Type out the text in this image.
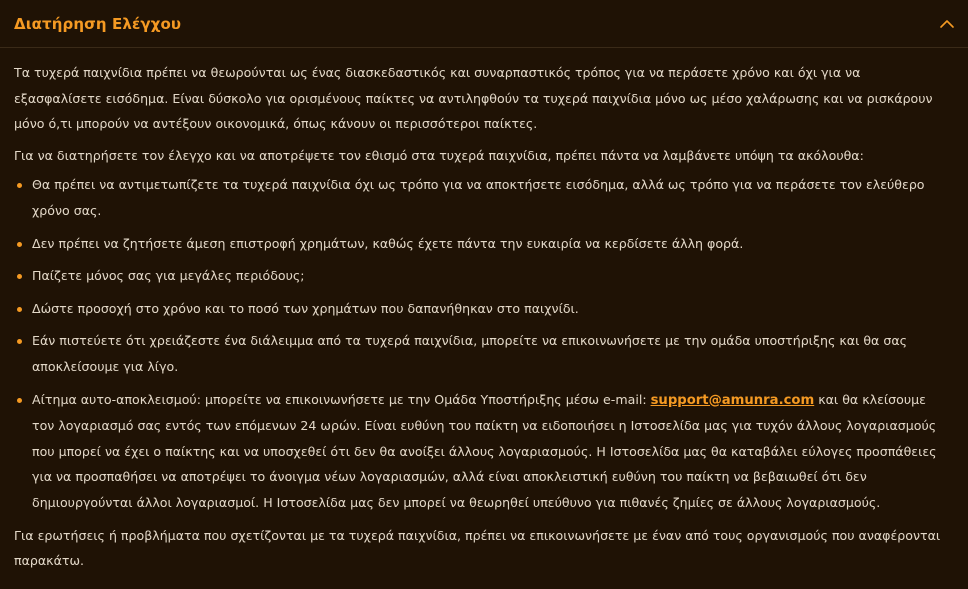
Διατήρηση Ελέγχου

Τα τυχερά παιχνίδια πρέπει να θεωρούνται ως ένας διασκεδαστικός και συναρπαστικός τρόπος για να περάσετε χρόνο και όχι για να εξασφαλίσετε εισόδημα. Είναι δύσκολο για ορισμένους παίκτες να αντιληφθούν τα τυχερά παιχνίδια μόνο ως μέσο χαλάρωσης και να ρισκάρουν μόνο ό,τι μπορούν να αντέξουν οικονομικά, όπως κάνουν οι περισσότεροι παίκτες.

Για να διατηρήσετε τον έλεγχο και να αποτρέψετε τον εθισμό στα τυχερά παιχνίδια, πρέπει πάντα να λαμβάνετε υπόψη τα ακόλουθα:

Θα πρέπει να αντιμετωπίζετε τα τυχερά παιχνίδια όχι ως τρόπο για να αποκτήσετε εισόδημα, αλλά ως τρόπο για να περάσετε τον ελεύθερο χρόνο σας.
Δεν πρέπει να ζητήσετε άμεση επιστροφή χρημάτων, καθώς έχετε πάντα την ευκαιρία να κερδίσετε άλλη φορά.
Παίζετε μόνος σας για μεγάλες περιόδους;
Δώστε προσοχή στο χρόνο και το ποσό των χρημάτων που δαπανήθηκαν στο παιχνίδι.
Εάν πιστεύετε ότι χρειάζεστε ένα διάλειμμα από τα τυχερά παιχνίδια, μπορείτε να επικοινωνήσετε με την ομάδα υποστήριξης και θα σας αποκλείσουμε για λίγο.
Αίτημα αυτο-αποκλεισμού: μπορείτε να επικοινωνήσετε με την Ομάδα Υποστήριξης μέσω e-mail: support@amunra.com και θα κλείσουμε τον λογαριασμό σας εντός των επόμενων 24 ωρών. Είναι ευθύνη του παίκτη να ειδοποιήσει η Ιστοσελίδα μας για τυχόν άλλους λογαριασμούς που μπορεί να έχει ο παίκτης και να υποσχεθεί ότι δεν θα ανοίξει άλλους λογαριασμούς. Η Ιστοσελίδα μας θα καταβάλει εύλογες προσπάθειες για να προσπαθήσει να αποτρέψει το άνοιγμα νέων λογαριασμών, αλλά είναι αποκλειστική ευθύνη του παίκτη να βεβαιωθεί ότι δεν δημιουργούνται άλλοι λογαριασμοί. Η Ιστοσελίδα μας δεν μπορεί να θεωρηθεί υπεύθυνο για πιθανές ζημίες σε άλλους λογαριασμούς.

Για ερωτήσεις ή προβλήματα που σχετίζονται με τα τυχερά παιχνίδια, πρέπει να επικοινωνήσετε με έναν από τους οργανισμούς που αναφέρονται παρακάτω.
